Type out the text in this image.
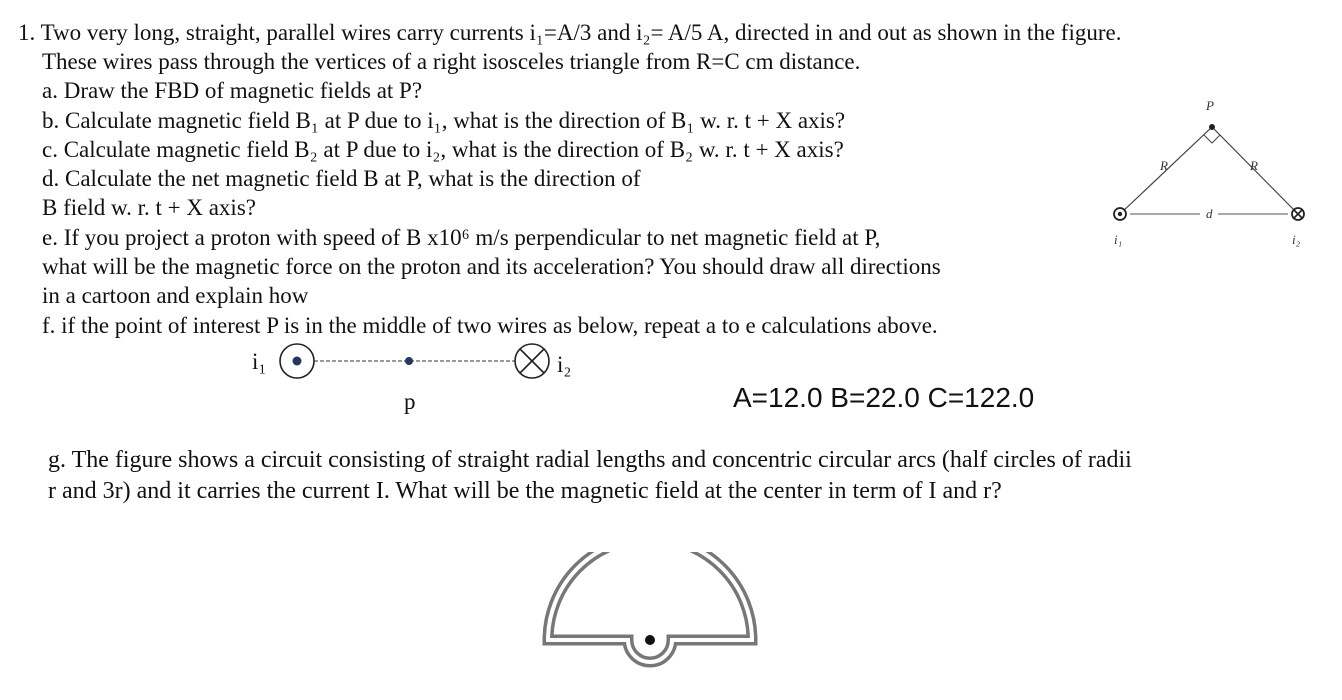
1. Two very long, straight, parallel wires carry currents i₁=A/3 and i₂= A/5 A, directed in and out as shown in the figure.
These wires pass through the vertices of a right isosceles triangle from R=C cm distance.
a. Draw the FBD of magnetic fields at P?
b. Calculate magnetic field B₁ at P due to i₁, what is the direction of B₁ w. r. t + X axis?
c. Calculate magnetic field B₂ at P due to i₂, what is the direction of B₂ w. r. t + X axis?
d. Calculate the net magnetic field B at P, what is the direction of
B field w. r. t + X axis?
e. If you project a proton with speed of B x10⁶ m/s perpendicular to net magnetic field at P,
what will be the magnetic force on the proton and its acceleration? You should draw all directions
in a cartoon and explain how
f. if the point of interest P is in the middle of two wires as below, repeat a to e calculations above.
P
R	R
d
i₁	i₂
i₁	i₂
p	A=12.0 B=22.0 C=122.0
g. The figure shows a circuit consisting of straight radial lengths and concentric circular arcs (half circles of radii
r and 3r) and it carries the current I. What will be the magnetic field at the center in term of I and r?
